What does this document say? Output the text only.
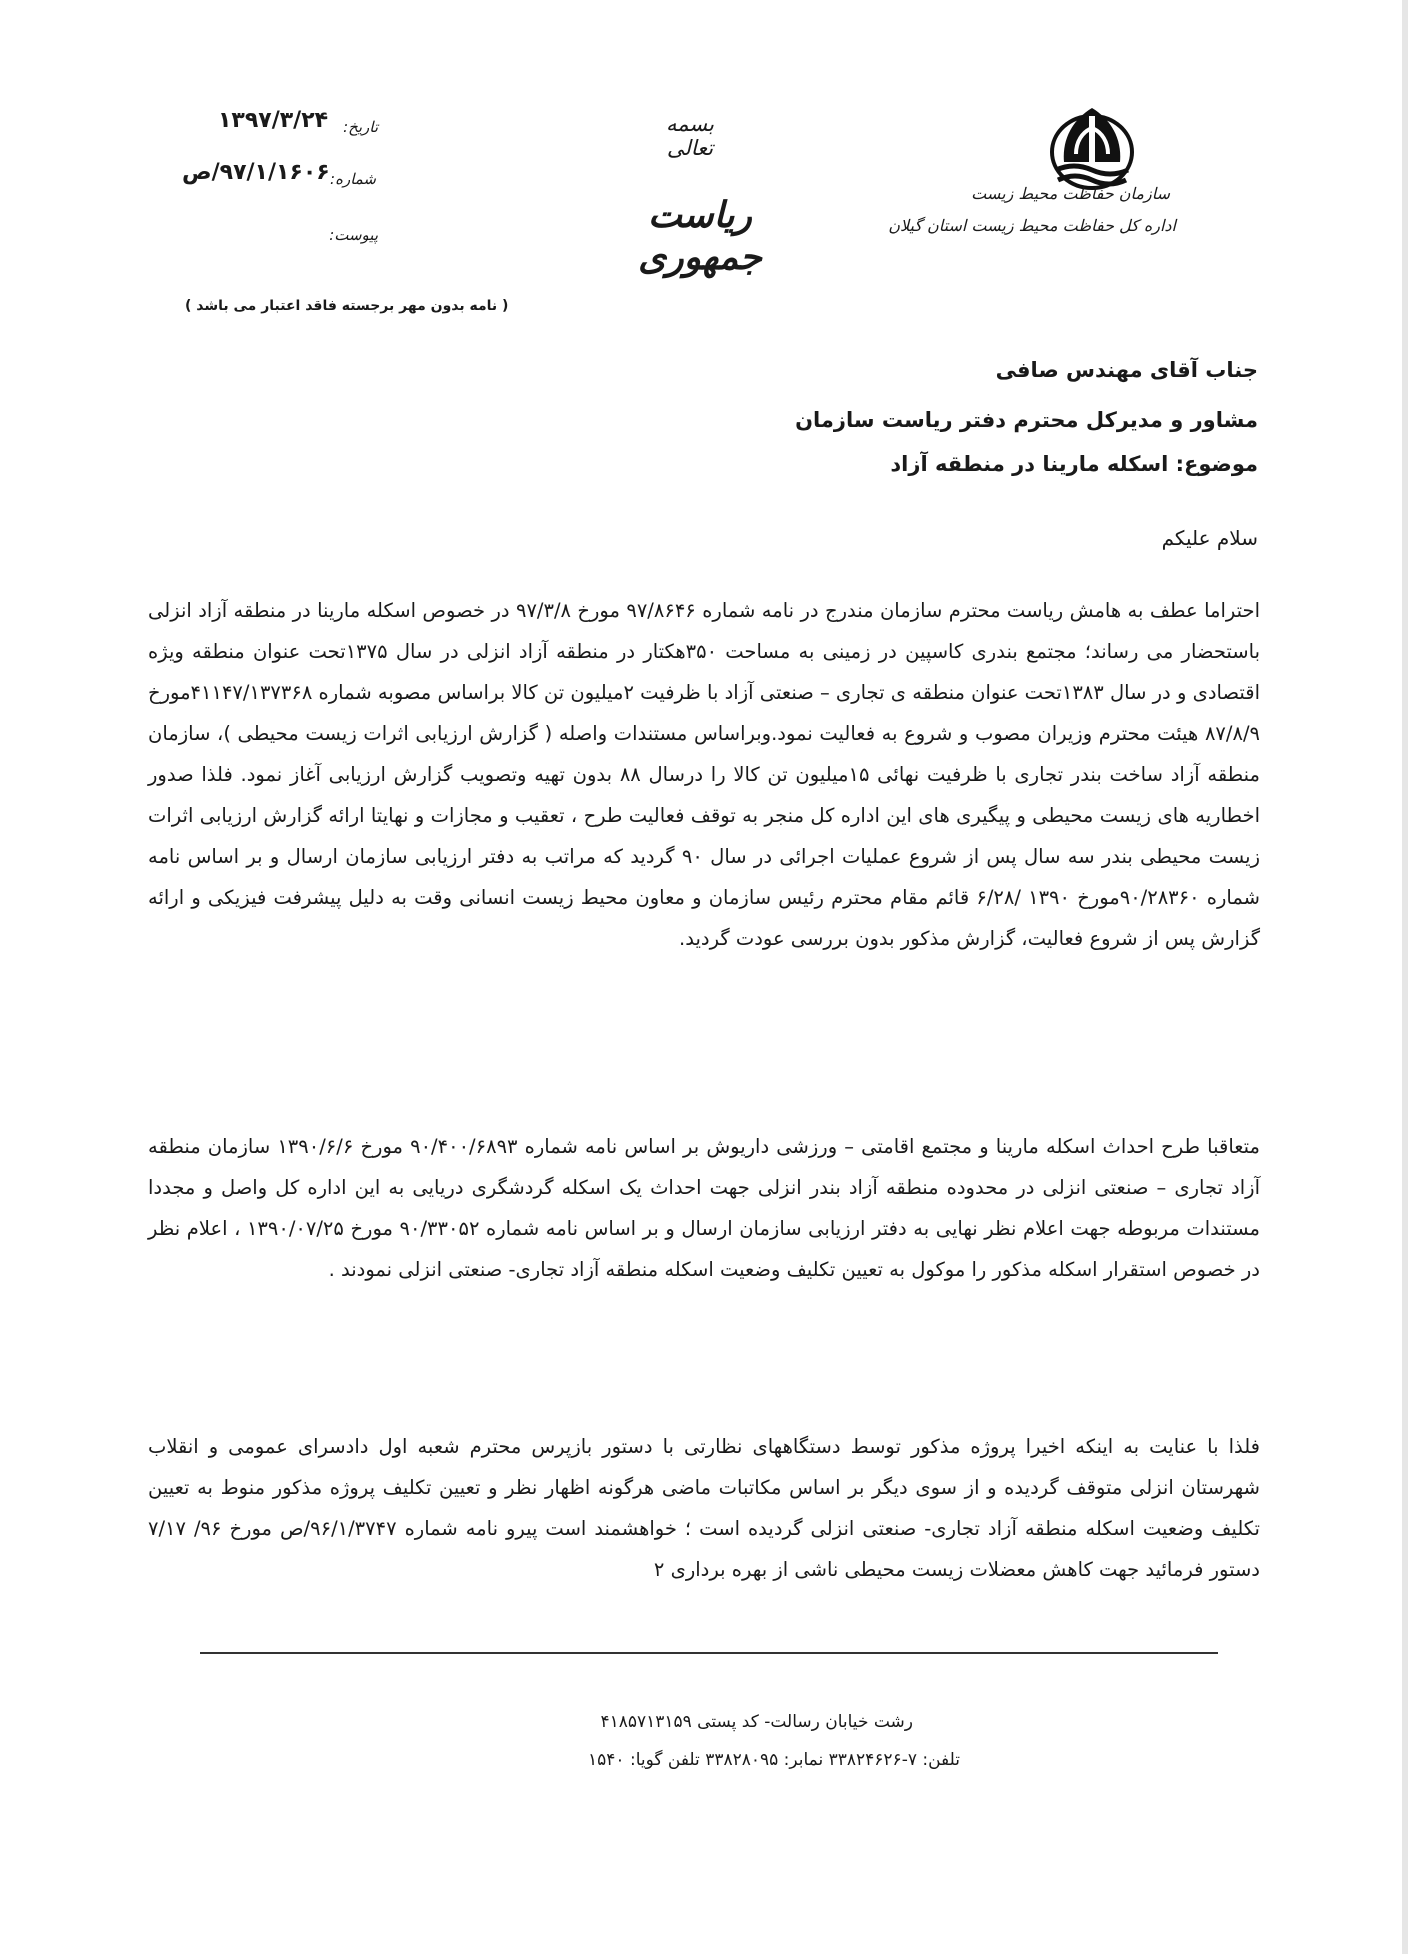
سازمان حفاظت محیط زیست
اداره کل حفاظت محیط زیست استان گیلان
بسمه تعالی
ریاست جمهوری
تاریخ:
۱۳۹۷/۳/۲۴
شماره:
۹۷/۱/۱۶۰۶/ص
پیوست:
( نامه بدون مهر برجسته فاقد اعتبار می باشد )
جناب آقای مهندس صافی
مشاور و مدیرکل محترم دفتر ریاست سازمان
موضوع: اسکله مارینا در منطقه آزاد
سلام علیکم
احتراما عطف به هامش ریاست محترم سازمان مندرج در نامه شماره ۹۷/۸۶۴۶ مورخ ۹۷/۳/۸ در خصوص اسکله مارینا در منطقه آزاد انزلی باستحضار می رساند؛ مجتمع بندری کاسپین در زمینی به مساحت ۳۵۰هکتار در منطقه آزاد انزلی در سال ۱۳۷۵تحت عنوان منطقه ویژه اقتصادی و در سال ۱۳۸۳تحت عنوان منطقه ی تجاری – صنعتی آزاد با ظرفیت ۲میلیون تن کالا براساس مصوبه شماره ۴۱۱۴۷/۱۳۷۳۶۸مورخ ۸۷/۸/۹ هیئت محترم وزیران مصوب و شروع به فعالیت نمود.وبراساس مستندات واصله ( گزارش ارزیابی اثرات زیست محیطی )، سازمان منطقه آزاد ساخت بندر تجاری با ظرفیت نهائی ۱۵میلیون تن کالا را درسال ۸۸ بدون تهیه وتصویب گزارش ارزیابی آغاز نمود. فلذا صدور اخطاریه های زیست محیطی و پیگیری های این اداره کل منجر به توقف فعالیت طرح ، تعقیب و مجازات و نهایتا ارائه گزارش ارزیابی اثرات زیست محیطی بندر سه سال پس از شروع عملیات اجرائی در سال ۹۰ گردید که مراتب به دفتر ارزیابی سازمان ارسال و بر اساس نامه شماره ۹۰/۲۸۳۶۰مورخ ۱۳۹۰ /۶/۲۸ قائم مقام محترم رئیس سازمان و معاون محیط زیست انسانی وقت به دلیل پیشرفت فیزیکی و ارائه گزارش پس از شروع فعالیت، گزارش مذکور بدون بررسی عودت گردید.
متعاقبا طرح احداث اسکله مارینا و مجتمع اقامتی – ورزشی داریوش بر اساس نامه شماره ۹۰/۴۰۰/۶۸۹۳ مورخ ۱۳۹۰/۶/۶ سازمان منطقه آزاد تجاری – صنعتی انزلی در محدوده منطقه آزاد بندر انزلی جهت احداث یک اسکله گردشگری دریایی به این اداره کل واصل و مجددا مستندات مربوطه جهت اعلام نظر نهایی به دفتر ارزیابی سازمان ارسال و بر اساس نامه شماره ۹۰/۳۳۰۵۲ مورخ ۱۳۹۰/۰۷/۲۵ ، اعلام نظر در خصوص استقرار اسکله مذکور را موکول به تعیین تکلیف وضعیت اسکله منطقه آزاد تجاری- صنعتی انزلی نمودند .
فلذا با عنایت به اینکه اخیرا پروژه مذکور توسط دستگاههای نظارتی با دستور بازپرس محترم شعبه اول دادسرای عمومی و انقلاب شهرستان انزلی متوقف گردیده و از سوی دیگر بر اساس مکاتبات ماضی هرگونه اظهار نظر و تعیین تکلیف پروژه مذکور منوط به تعیین تکلیف وضعیت اسکله منطقه آزاد تجاری- صنعتی انزلی گردیده است ؛ خواهشمند است پیرو نامه شماره ۹۶/۱/۳۷۴۷/ص مورخ ۹۶/ ۷/۱۷ دستور فرمائید جهت کاهش معضلات زیست محیطی ناشی از بهره برداری ۲
رشت خیابان رسالت- کد پستی ۴۱۸۵۷۱۳۱۵۹
تلفن: ۷-۳۳۸۲۴۶۲۶ نمابر: ۳۳۸۲۸۰۹۵ تلفن گویا: ۱۵۴۰
